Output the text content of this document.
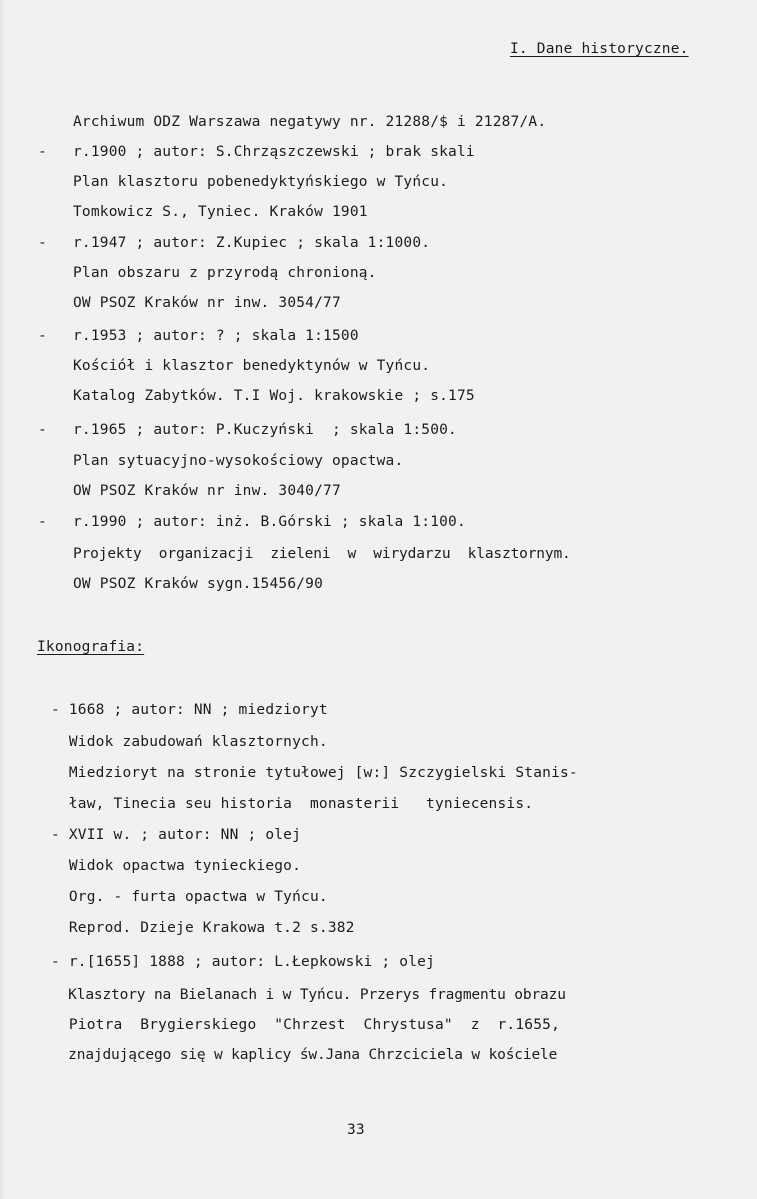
I. Dane historyczne.
Archiwum ODZ Warszawa negatywy nr. 21288/$ i 21287/A.
- r.1900 ; autor: S.Chrząszczewski ; brak skali
Plan klasztoru pobenedyktyńskiego w Tyńcu.
Tomkowicz S., Tyniec. Kraków 1901
- r.1947 ; autor: Z.Kupiec ; skala 1:1000.
Plan obszaru z przyrodą chronioną.
OW PSOZ Kraków nr inw. 3054/77
- r.1953 ; autor: ? ; skala 1:1500
Kościół i klasztor benedyktynów w Tyńcu.
Katalog Zabytków. T.I Woj. krakowskie ; s.175
- r.1965 ; autor: P.Kuczyński  ; skala 1:500.
Plan sytuacyjno-wysokościowy opactwa.
OW PSOZ Kraków nr inw. 3040/77
- r.1990 ; autor: inż. B.Górski ; skala 1:100.
Projekty  organizacji  zieleni  w  wirydarzu  klasztornym.
OW PSOZ Kraków sygn.15456/90
Ikonografia:
- 1668 ; autor: NN ; miedzioryt
Widok zabudowań klasztornych.
Miedzioryt na stronie tytułowej [w:] Szczygielski Stanis-
ław, Tinecia seu historia  monasterii   tyniecensis.
- XVII w. ; autor: NN ; olej
Widok opactwa tynieckiego.
Org. - furta opactwa w Tyńcu.
Reprod. Dzieje Krakowa t.2 s.382
- r.[1655] 1888 ; autor: L.Łepkowski ; olej
Klasztory na Bielanach i w Tyńcu. Przerys fragmentu obrazu
Piotra  Brygierskiego  "Chrzest  Chrystusa"  z  r.1655,
znajdującego się w kaplicy św.Jana Chrzciciela w kościele
33
